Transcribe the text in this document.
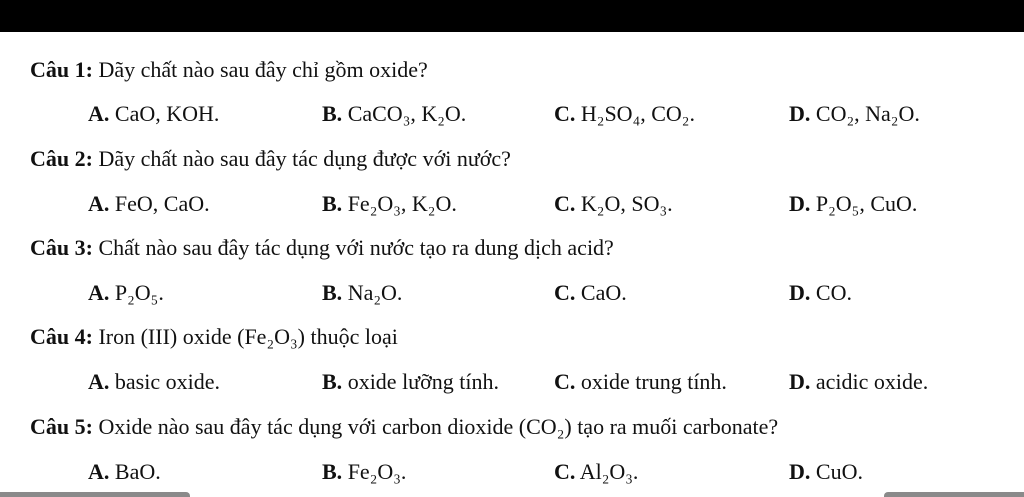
Câu 1: Dãy chất nào sau đây chỉ gồm oxide?
A. CaO, KOH.	B. CaCO₃, K₂O.	C. H₂SO₄, CO₂.	D. CO₂, Na₂O.
Câu 2: Dãy chất nào sau đây tác dụng được với nước?
A. FeO, CaO.	B. Fe₂O₃, K₂O.	C. K₂O, SO₃.	D. P₂O₅, CuO.
Câu 3: Chất nào sau đây tác dụng với nước tạo ra dung dịch acid?
A. P₂O₅.	B. Na₂O.	C. CaO.	D. CO.
Câu 4: Iron (III) oxide (Fe₂O₃) thuộc loại
A. basic oxide.	B. oxide lưỡng tính.	C. oxide trung tính.	D. acidic oxide.
Câu 5: Oxide nào sau đây tác dụng với carbon dioxide (CO₂) tạo ra muối carbonate?
A. BaO.	B. Fe₂O₃.	C. Al₂O₃.	D. CuO.
